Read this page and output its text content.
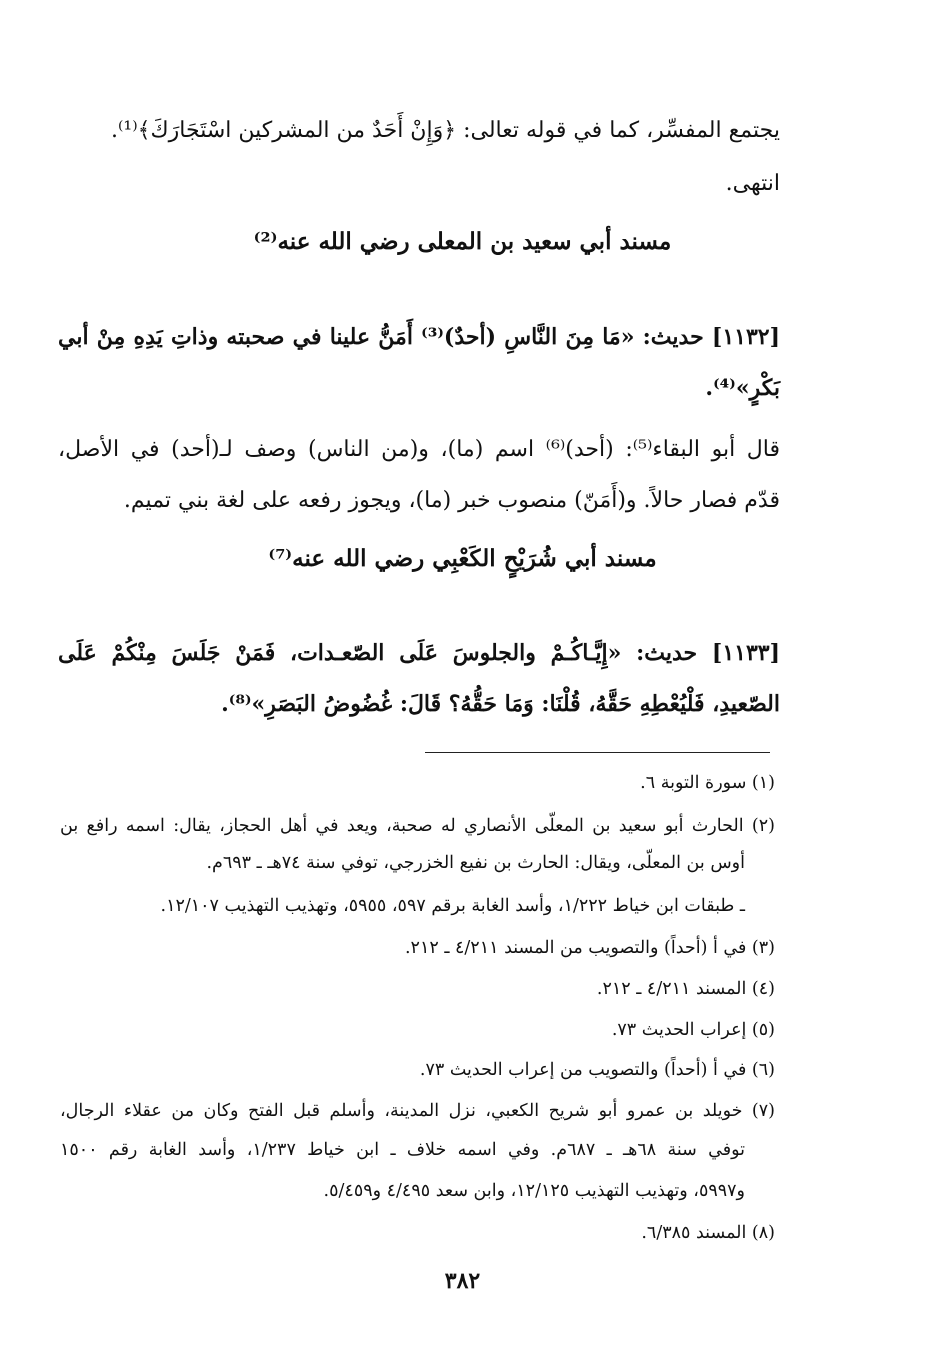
يجتمع المفسِّر، كما في قوله تعالى: ﴿وَإِنْ أَحَدٌ من المشركين اسْتَجَارَكَ﴾⁽¹⁾.
انتهى.
مسند أبي سعيد بن المعلى رضي الله عنه⁽²⁾
[١١٣٢] حديث: «مَا مِنَ النَّاسِ (أحدٌ)⁽³⁾ أَمَنُّ علينا في صحبته وذاتِ يَدِهِ مِنْ أبي
بَكْرٍ»⁽⁴⁾.
قال أبو البقاء⁽⁵⁾: (أحد)⁽⁶⁾ اسم (ما)، و(من الناس) وصف لـ(أحد) في الأصل،
قدّم فصار حالاً. و(أَمَنّ) منصوب خبر (ما)، ويجوز رفعه على لغة بني تميم.
مسند أبي شُرَيْحٍ الكَعْبِي رضي الله عنه⁽⁷⁾
[١١٣٣] حديث: «إِيَّـاكُـمْ والجلوسَ عَلَى الصّعـدات، فَمَنْ جَلَسَ مِنْكُمْ عَلَى
الصّعيدِ، فَلْيُعْطِهِ حَقَّهُ، قُلْنَا: وَمَا حَقُّهُ؟ قَالَ: غُضُوضُ البَصَرِ»⁽⁸⁾.
(١) سورة التوبة ٦.
(٢) الحارث أبو سعيد بن المعلّى الأنصاري له صحبة، ويعد في أهل الحجاز، يقال: اسمه رافع بن
أوس بن المعلّى، ويقال: الحارث بن نفيع الخزرجي، توفي سنة ٧٤هـ ـ ٦٩٣م.
ـ طبقات ابن خياط ١/٢٢٢، وأسد الغابة برقم ٥٩٧، ٥٩٥٥، وتهذيب التهذيب ١٢/١٠٧.
(٣) في أ (أحداً) والتصويب من المسند ٤/٢١١ ـ ٢١٢.
(٤) المسند ٤/٢١١ ـ ٢١٢.
(٥) إعراب الحديث ٧٣.
(٦) في أ (أحداً) والتصويب من إعراب الحديث ٧٣.
(٧) خويلد بن عمرو أبو شريح الكعبي، نزل المدينة، وأسلم قبل الفتح وكان من عقلاء الرجال،
توفي سنة ٦٨هـ ـ ٦٨٧م. وفي اسمه خلاف ـ ابن خياط ١/٢٣٧، وأسد الغابة رقم ١٥٠٠
و٥٩٩٧، وتهذيب التهذيب ١٢/١٢٥، وابن سعد ٤/٤٩٥ و٥/٤٥٩.
(٨) المسند ٦/٣٨٥.
٣٨٢
